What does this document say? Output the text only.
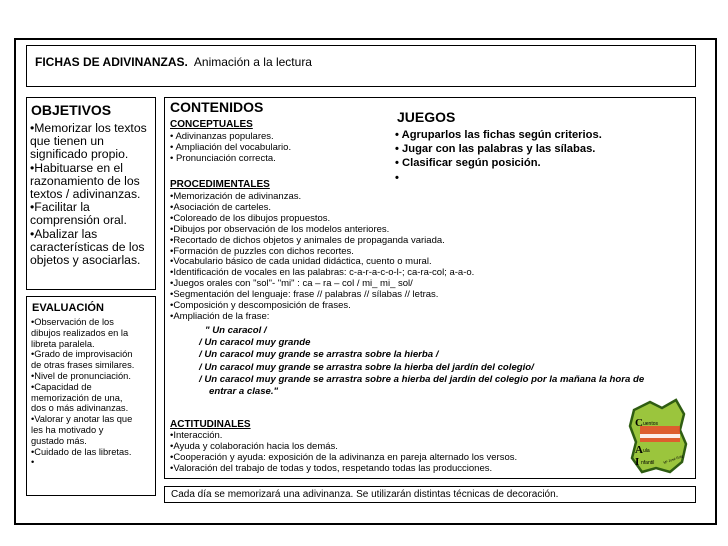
FICHAS DE ADIVINANZAS. Animación a la lectura
OBJETIVOS
•Memorizar los textos
que tienen un
significado propio.
•Habituarse en el
razonamiento de los
textos / adivinanzas.
•Facilitar la
comprensión oral.
•Abalizar las
características de los
objetos y asociarlas.
EVALUACIÓN
•Observación de los
dibujos realizados en la
libreta paralela.
•Grado de improvisación
de otras frases similares.
•Nivel de pronunciación.
•Capacidad de
memorización de una,
dos o más adivinanzas.
•Valorar y anotar las que
les ha motivado y
gustado más.
•Cuidado de las libretas.
•
CONTENIDOS
CONCEPTUALES
• Adivinanzas populares.
• Ampliación del vocabulario.
• Pronunciación correcta.
PROCEDIMENTALES
•Memorización de adivinanzas.
•Asociación de carteles.
•Coloreado de los dibujos propuestos.
•Dibujos por observación de los modelos anteriores.
•Recortado de dichos objetos y animales de propaganda variada.
•Formación de puzzles con dichos recortes.
•Vocabulario básico de cada unidad didáctica, cuento o mural.
•Identificación de vocales en las palabras: c-a-r-a-c-o-l-; ca-ra-col; a-a-o.
•Juegos orales con "sol"- "mi" : ca – ra – col / mi_ mi_ sol/
•Segmentación del lenguaje: frase // palabras // sílabas // letras.
•Composición y descomposición de frases.
•Ampliación de la frase:
" Un caracol /
/ Un caracol muy grande
/ Un caracol muy grande se arrastra sobre la hierba /
/ Un caracol muy grande se arrastra sobre la hierba del jardín del colegio/
/ Un caracol muy grande se arrastra sobre a hierba del jardín del colegio por la mañana la hora de
entrar a clase."
ACTITUDINALES
•Interacción.
•Ayuda y colaboración hacia los demás.
•Cooperación y ayuda: exposición de la adivinanza en pareja alternado los versos.
•Valoración del trabajo de todas y todos, respetando todas las producciones.
JUEGOS
• Agruparlos las fichas según criterios.
• Jugar con las palabras y las sílabas.
• Clasificar según posición.
•
Cada día se memorizará una adivinanza. Se utilizarán distintas técnicas de decoración.
C uentos
A ula
I nfantil Mª José Roig
